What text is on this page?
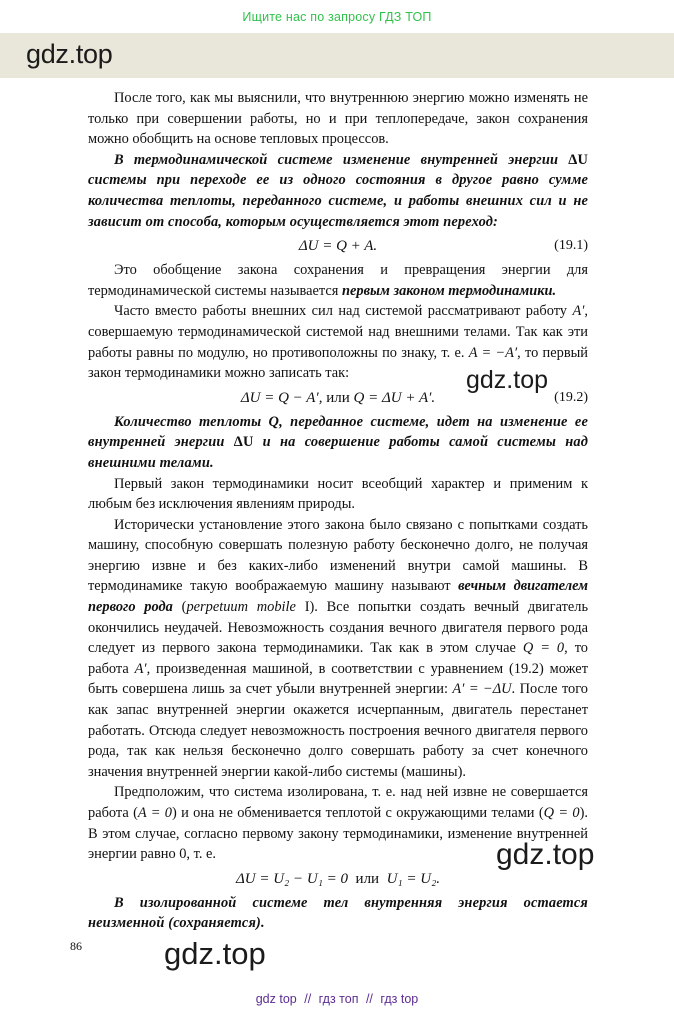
Ищите нас по запросу ГДЗ ТОП
gdz.top

После того, как мы выяснили, что внутреннюю энергию можно изменять не только при совершении работы, но и при теплопередаче, закон сохранения можно обобщить на основе тепловых процессов.

В термодинамической системе изменение внутренней энергии ΔU системы при переходе ее из одного состояния в другое равно сумме количества теплоты, переданного системе, и работы внешних сил и не зависит от способа, которым осуществляется этот переход:

ΔU = Q + A.	(19.1)

Это обобщение закона сохранения и превращения энергии для термодинамической системы называется первым законом термодинамики.

Часто вместо работы внешних сил над системой рассматривают работу A′, совершаемую термодинамической системой над внешними телами. Так как эти работы равны по модулю, но противоположны по знаку, т. е. A = −A′, то первый закон термодинамики можно записать так:

ΔU = Q − A′, или Q = ΔU + A′.	(19.2)

Количество теплоты Q, переданное системе, идет на изменение ее внутренней энергии ΔU и на совершение работы самой системы над внешними телами.

Первый закон термодинамики носит всеобщий характер и применим к любым без исключения явлениям природы.

Исторически установление этого закона было связано с попытками создать машину, способную совершать полезную работу бесконечно долго, не получая энергию извне и без каких-либо изменений внутри самой машины. В термодинамике такую воображаемую машину называют вечным двигателем первого рода (perpetuum mobile I). Все попытки создать вечный двигатель окончились неудачей. Невозможность создания вечного двигателя первого рода следует из первого закона термодинамики. Так как в этом случае Q = 0, то работа A′, произведенная машиной, в соответствии с уравнением (19.2) может быть совершена лишь за счет убыли внутренней энергии: A′ = −ΔU. После того как запас внутренней энергии окажется исчерпанным, двигатель перестанет работать. Отсюда следует невозможность построения вечного двигателя первого рода, так как нельзя бесконечно долго совершать работу за счет конечного значения внутренней энергии какой-либо системы (машины).

Предположим, что система изолирована, т. е. над ней извне не совершается работа (A = 0) и она не обменивается теплотой с окружающими телами (Q = 0). В этом случае, согласно первому закону термодинамики, изменение внутренней энергии равно 0, т. е.

ΔU = U₂ − U₁ = 0 или U₁ = U₂.

В изолированной системе тел внутренняя энергия остается неизменной (сохраняется).

gdz.top
gdz.top
gdz.top
86
gdz top // гдз топ // гдз top
